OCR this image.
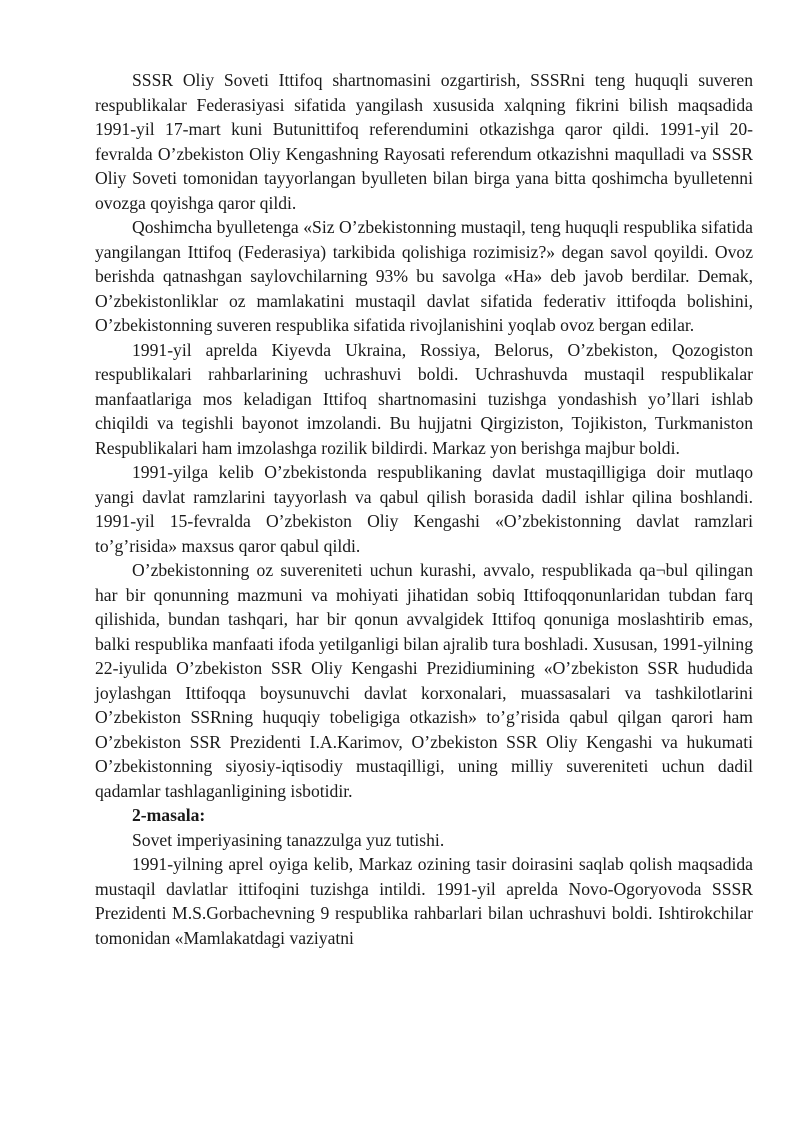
SSSR Oliy Soveti Ittifoq shartnomasini ozgartirish, SSSRni teng huquqli suveren respublikalar Federasiyasi sifatida yangilash xususida xalqning fikrini bilish maqsadida 1991-yil 17-mart kuni Butunittifoq referendumini otkazishga qaror qildi. 1991-yil 20-fevralda O’zbekiston Oliy Kengashning Rayosati referendum otkazishni maqulladi va SSSR Oliy Soveti tomonidan tayyorlangan byulleten bilan birga yana bitta qoshimcha byulletenni ovozga qoyishga qaror qildi.

Qoshimcha byulletenga «Siz O’zbekistonning mustaqil, teng huquqli respublika sifatida yangilangan Ittifoq (Federasiya) tarkibida qolishiga rozimisiz?» degan savol qoyildi. Ovoz berishda qatnashgan saylovchilarning 93% bu savolga «Ha» deb javob berdilar. Demak, O’zbekistonliklar oz mamlakatini mustaqil davlat sifatida federativ ittifoqda bolishini, O’zbekistonning suveren respublika sifatida rivojlanishini yoqlab ovoz bergan edilar.

1991-yil aprelda Kiyevda Ukraina, Rossiya, Belorus, O’zbekiston, Qozogiston respublikalari rahbarlarining uchrashuvi boldi. Uchrashuvda mustaqil respublikalar manfaatlariga mos keladigan Ittifoq shartnomasini tuzishga yondashish yo’llari ishlab chiqildi va tegishli bayonot imzolandi. Bu hujjatni Qirgiziston, Tojikiston, Turkmaniston Respublikalari ham imzolashga rozilik bildirdi. Markaz yon berishga majbur boldi.

1991-yilga kelib O’zbekistonda respublikaning davlat mustaqilligiga doir mutlaqo yangi davlat ramzlarini tayyorlash va qabul qilish borasida dadil ishlar qilina boshlandi. 1991-yil 15-fevralda O’zbekiston Oliy Kengashi «O’zbekistonning davlat ramzlari to’g’risida» maxsus qaror qabul qildi.

O’zbekistonning oz suvereniteti uchun kurashi, avvalo, respublikada qa¬bul qilingan har bir qonunning mazmuni va mohiyati jihatidan sobiq Ittifoqqonunlaridan tubdan farq qilishida, bundan tashqari, har bir qonun avvalgidek Ittifoq qonuniga moslashtirib emas, balki respublika manfaati ifoda yetilganligi bilan ajralib tura boshladi. Xususan, 1991-yilning 22-iyulida O’zbekiston SSR Oliy Kengashi Prezidiumining «O’zbekiston SSR hududida joylashgan Ittifoqqa boysunuvchi davlat korxonalari, muassasalari va tashkilotlarini O’zbekiston SSRning huquqiy tobeligiga otkazish» to’g’risida qabul qilgan qarori ham O’zbekiston SSR Prezidenti I.A.Karimov, O’zbekiston SSR Oliy Kengashi va hukumati O’zbekistonning siyosiy-iqtisodiy mustaqilligi, uning milliy suvereniteti uchun dadil qadamlar tashlaganligining isbotidir.

2-masala:

Sovet imperiyasining tanazzulga yuz tutishi.

1991-yilning aprel oyiga kelib, Markaz ozining tasir doirasini saqlab qolish maqsadida mustaqil davlatlar ittifoqini tuzishga intildi. 1991-yil aprelda Novo-Ogoryovoda SSSR Prezidenti M.S.Gorbachevning 9 respublika rahbarlari bilan uchrashuvi boldi. Ishtirokchilar tomonidan «Mamlakatdagi vaziyatni
